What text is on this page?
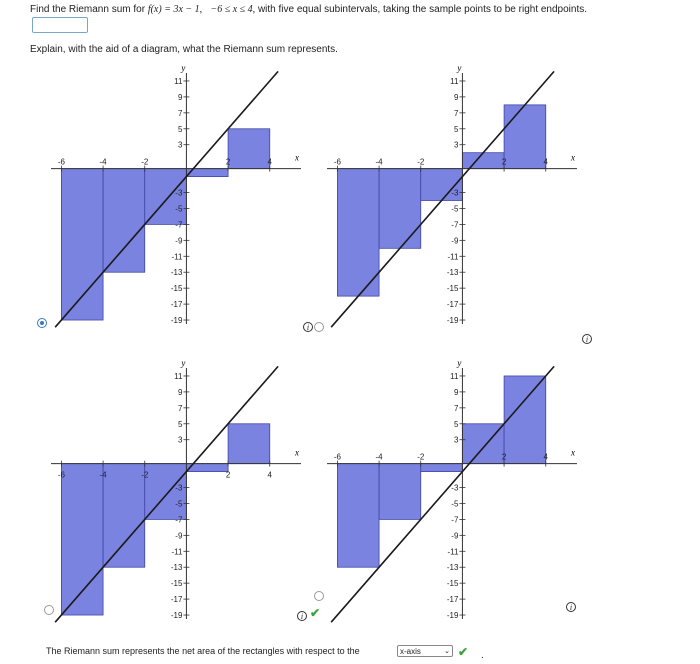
Find the Riemann sum for f(x) = 3x − 1, −6 ≤ x ≤ 4, with five equal subintervals, taking the sample points to be right endpoints.
Explain, with the aid of a diagram, what the Riemann sum represents.
-6	-4	-2	2	4
11
9
7
5
3
-3
-5
-7
-9
-11
-13
-15
-17
-19
x
y
-6	-4	-2	2	4
11
9
7
5
3
-3
-5
-7
-9
-11
-13
-15
-17
-19
x
y
-6	-4	-2	2	4
11
9
7
5
3
-3
-5
-7
-9
-11
-13
-15
-17
-19
x
y
-6	-4	-2	2	4
11
9
7
5
3
-3
-5
-7
-9
-11
-13
-15
-17
-19
x
y
i
i
i ✔	i
The Riemann sum represents the net area of the rectangles with respect to the	x-axis	⌄ ✔ .
